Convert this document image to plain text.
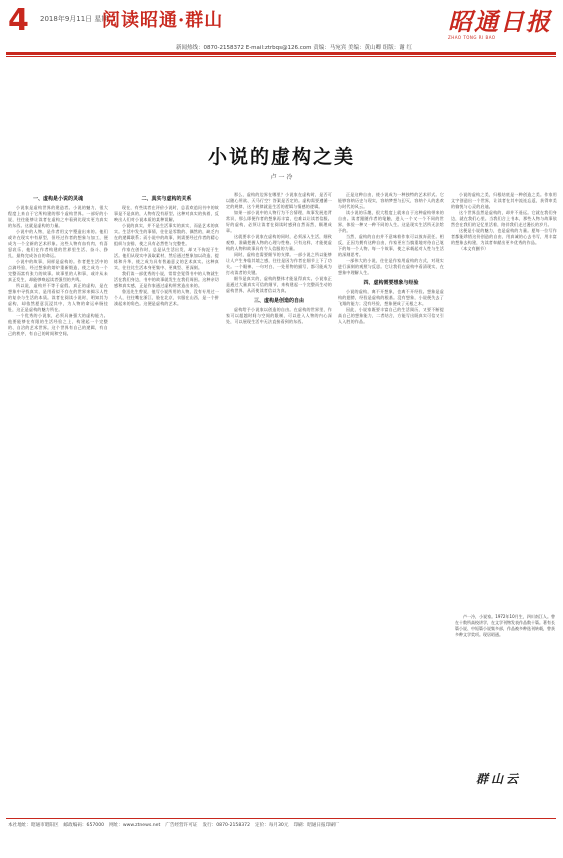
4 2018年9月11日 星期二
阅读昭通·群山	昭通日报
ZHAO TONG RI BAO
新闻热线：0870-2158372 E-mail:ztrbqs@126.com 责编：马宛宾 美编：黄山卿 组版：谢 红
小说的虚构之美
卢 一 冷
一、虚构是小说的灵魂

小说家是虚构世界的建造者。小说的魅力，很大程度上来自于它所构建的那个虚构世界。一部好的小说，往往能够让读者在虚构之中看到比现实更为真实的东西。这就是虚构的力量。

小说中的人物，是作者用文字塑造出来的。他们或许在现实中有原型，但经过作者的想象与加工，便成为一个全新的艺术形象。这些人物有血有肉，有喜怒哀乐，他们在作者构建的世界里生活、奋斗、挣扎，最终完成各自的命运。

小说中的故事，同样是虚构的。作者把生活中的点滴经验，经过想象的熔炉重新锻造，使之成为一个完整而富有张力的故事。故事里的人和事，或许从未真正发生，却能够唤起读者强烈的共鸣。

所以说，虚构并不等于虚假。真正的虚构，是在想象中寻找真实，是用看似不存在的世界来揭示人性的复杂与生活的本质。读者在阅读小说时，明知其为虚构，却依然愿意沉浸其中，为人物的命运牵肠挂肚，这正是虚构的魅力所在。

一个优秀的小说家，必须具备强大的虚构能力。他要能够在有限的生活经验之上，构建起一个完整的、自洽的艺术世界。这个世界有自己的逻辑，有自己的秩序，有自己的时间和空间。

二、真实与虚构的关系

现在，有些读者在评价小说时，总喜欢追问书中的故事是不是真的，人物有没有原型。这种对真实的执着，反映出人们对小说本质的某种误解。

小说的真实，并不是生活事实的真实，而是艺术的真实。生活中发生的事情，往往是零散的、偶然的，缺乏内在的逻辑联系；而小说中的故事，则需要经过作者的精心组织与安排，使之具有必然性与完整性。

作家在创作时，总是从生活出发，却又不拘泥于生活。他们从现实中汲取素材，然后通过想象加以改造、提炼和升华，使之成为具有普遍意义的艺术真实。这种真实，往往比生活本身更集中、更典型、更深刻。

我们读一部优秀的小说，常常会觉得书中的人物就生活在我们身边，书中的故事就发生在我们周围。这种亲切感和真实感，正是作家通过虚构所营造出来的。

鲁迅先生曾说，他写小说所用的人物，没有专用过一个人，往往嘴在浙江，脸在北京，衣服在山西，是一个拼凑起来的角色。这便是虚构的艺术。

那么，虚构的边界在哪里？小说家在虚构时，是否可以随心所欲、天马行空？答案是否定的。虚构需要遵循一定的规律，这个规律就是生活的逻辑与情感的逻辑。

如果一部小说中的人物行为不合情理，故事发展违背常识，那么即便作者的想象再丰富，也难以让读者信服。好的虚构，必须让读者在阅读时感到自然而然，顺理成章。

这就要求小说家在虚构的同时，必须深入生活，细致观察，准确把握人物的心理与性格。只有这样，才能使虚构的人物和故事具有令人信服的力量。

同时，虚构也需要细节的支撑。一部小说之所以能够让人产生身临其境之感，往往是因为作者在细节上下了功夫。一个眼神、一句对白、一处景物的描写，都可能成为打动读者的关键。

细节是真实的，虚构的整体才能显得真实。小说家正是通过大量真实可信的细节，来构建起一个完整而生动的虚构世界，从而使读者信以为真。

三、虚构是创造的自由

虚构给予小说家以创造的自由。在虚构的世界里，作家可以超越时间与空间的限制，可以进入人物的内心深处，可以展现生活中无法直接看到的东西。

正是这种自由，使小说成为一种独特的艺术形式。它能够容纳历史与现实，容纳梦想与幻灭，容纳个人的悲欢与时代的风云。

读小说的乐趣，很大程度上就来自于这种虚构带来的自由。读者跟随作者的笔触，进入一个又一个不同的世界，体验一种又一种不同的人生。这是现实生活所无法给予的。

当然，虚构的自由并不意味着作家可以放弃责任。相反，正因为拥有这种自由，作家更应当慎重地对待自己笔下的每一个人物、每一个故事，使之承载起对人性与生活的深刻思考。

一部伟大的小说，往往是作家用虚构的方式，对现实进行深刻的观照与反思。它让我们在虚构中看清现实，在想象中理解人生。

四、虚构需要想象与经验

小说的虚构，离不开想象，也离不开经验。想象是虚构的翅膀，经验是虚构的根基。没有想象，小说便失去了飞翔的能力；没有经验，想象便成了无根之木。

因此，小说家既要丰富自己的生活阅历，又要不断提高自己的想象能力，二者结合，方能写出既真实可信又引人入胜的作品。

小说的虚构之美，归根结底是一种创造之美。作家用文字创造出一个世界，让读者在其中流连忘返，获得审美的愉悦与心灵的启迪。

这个世界虽然是虚构的，却并不遥远。它就在我们身边，就在我们心里。当我们合上书本，那些人物与故事依然会在我们的记忆里活着，陪伴我们走过漫长的岁月。

这便是小说的魅力，也是虚构的力量。愿每一位写作者都能珍惜这份创造的自由，用真诚的心去书写，用丰富的想象去构建，为读者奉献出更多优秀的作品。

（本文有删节）

卢一冷，小说家。1972年10月生，四川南江人。曾在十数所高校讲学，在文学刊物发表作品数十篇。著有长篇小说、中短篇小说集多部，作品被多种选刊转载，曾获多种文学奖项。现居昭通。
群山云
本社地址：昭通市昭阳区 邮政编码：657000 网址：www.ztnews.net 广告经营许可证 发行：0870-2158372 定价：每月30元 印刷：昭通日报印刷厂
